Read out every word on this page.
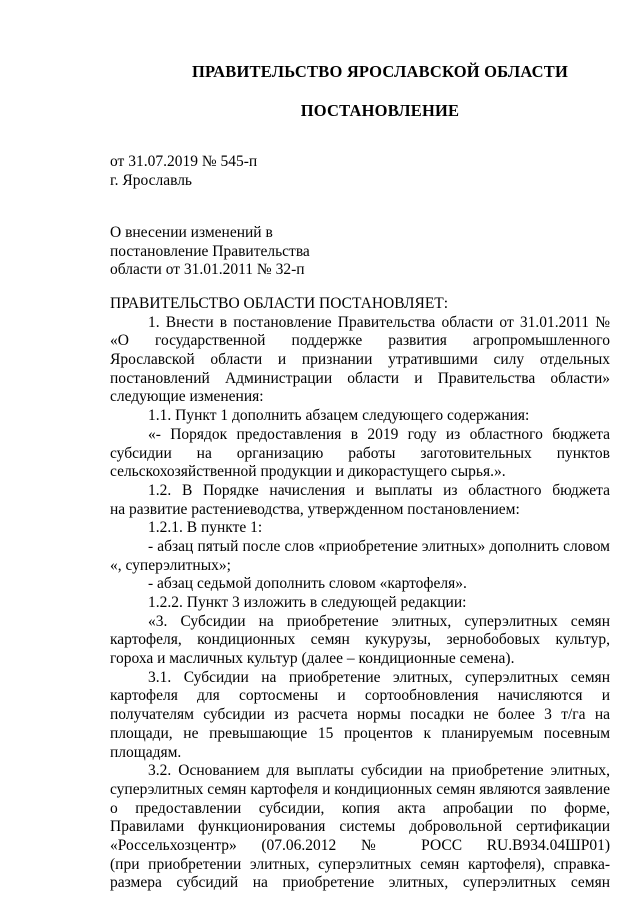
ПРАВИТЕЛЬСТВО ЯРОСЛАВСКОЙ ОБЛАСТИ
ПОСТАНОВЛЕНИЕ
от 31.07.2019 № 545-п
г. Ярославль
О внесении изменений в
постановление Правительства
области от 31.01.2011 № 32-п
ПРАВИТЕЛЬСТВО ОБЛАСТИ ПОСТАНОВЛЯЕТ:
1. Внести в постановление Правительства области от 31.01.2011 №
«О государственной поддержке развития агропромышленного
Ярославской области и признании утратившими силу отдельных
постановлений Администрации области и Правительства области»
следующие изменения:
1.1. Пункт 1 дополнить абзацем следующего содержания:
«- Порядок предоставления в 2019 году из областного бюджета
субсидии на организацию работы заготовительных пунктов
сельскохозяйственной продукции и дикорастущего сырья.».
1.2. В Порядке начисления и выплаты из областного бюджета
на развитие растениеводства, утвержденном постановлением:
1.2.1. В пункте 1:
- абзац пятый после слов «приобретение элитных» дополнить словом
«, суперэлитных»;
- абзац седьмой дополнить словом «картофеля».
1.2.2. Пункт 3 изложить в следующей редакции:
«3. Субсидии на приобретение элитных, суперэлитных семян
картофеля, кондиционных семян кукурузы, зернобобовых культур,
гороха и масличных культур (далее – кондиционные семена).
3.1. Субсидии на приобретение элитных, суперэлитных семян
картофеля для сортосмены и сортообновления начисляются и
получателям субсидии из расчета нормы посадки не более 3 т/га на
площади, не превышающие 15 процентов к планируемым посевным
площадям.
3.2. Основанием для выплаты субсидии на приобретение элитных,
суперэлитных семян картофеля и кондиционных семян являются заявление
о предоставлении субсидии, копия акта апробации по форме,
Правилами функционирования системы добровольной сертификации
«Россельхозцентр» (07.06.2012 № РОСС RU.В934.04ШР01)
(при приобретении элитных, суперэлитных семян картофеля), справка-
размера субсидий на приобретение элитных, суперэлитных семян
